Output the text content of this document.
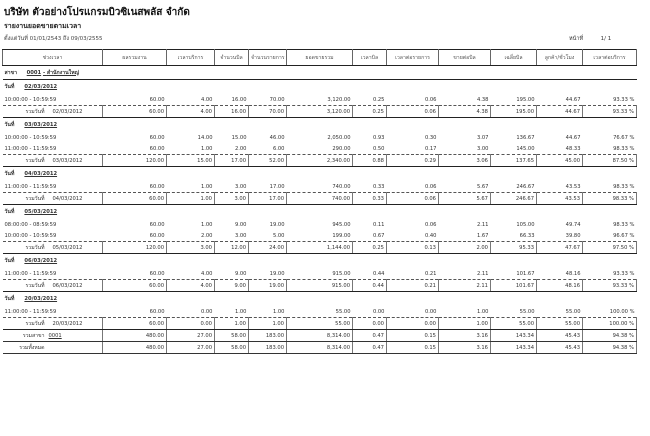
บริษัท ตัวอย่างโปรแกรมบิวซิเนสพลัส จำกัด
รายงานยอดขายตามเวลา
ตั้งแต่วันที่ 01/01/2543 ถึง 09/03/2555	หน้าที่	1/ 1
ช่วงเวลา	ผลรวมงาน	เวลาบริการ	จำนวนบิล	จำนวนรายการ	ยอดขายรวม	เวลาบิล	เวลาต่อรายการ	ขายต่อบิล	เฉลี่ยบิล	ลูกค้า/ชั่วโมง	เวลาต่อบริการ
สาขา 0001 - สำนักงานใหญ่											
วันที่ 02/03/2012											
10:00:00 - 10:59:59	60.00	4.00	16.00	70.00	3,120.00	0.25	0.06	4.38	195.00	44.67	93.33 %
รวมวันที่ 02/03/2012	60.00	4.00	16.00	70.00	3,120.00	0.25	0.06	4.38	195.00	44.67	93.33 %
วันที่ 03/03/2012											
10:00:00 - 10:59:59	60.00	14.00	15.00	46.00	2,050.00	0.93	0.30	3.07	136.67	44.67	76.67 %
11:00:00 - 11:59:59	60.00	1.00	2.00	6.00	290.00	0.50	0.17	3.00	145.00	48.33	98.33 %
รวมวันที่ 03/03/2012	120.00	15.00	17.00	52.00	2,340.00	0.88	0.29	3.06	137.65	45.00	87.50 %
วันที่ 04/03/2012											
11:00:00 - 11:59:59	60.00	1.00	3.00	17.00	740.00	0.33	0.06	5.67	246.67	43.53	98.33 %
รวมวันที่ 04/03/2012	60.00	1.00	3.00	17.00	740.00	0.33	0.06	5.67	246.67	43.53	98.33 %
วันที่ 05/03/2012											
08:00:00 - 08:59:59	60.00	1.00	9.00	19.00	945.00	0.11	0.06	2.11	105.00	49.74	98.33 %
10:00:00 - 10:59:59	60.00	2.00	3.00	5.00	199.00	0.67	0.40	1.67	66.33	39.80	96.67 %
รวมวันที่ 05/03/2012	120.00	3.00	12.00	24.00	1,144.00	0.25	0.13	2.00	95.33	47.67	97.50 %
วันที่ 06/03/2012											
11:00:00 - 11:59:59	60.00	4.00	9.00	19.00	915.00	0.44	0.21	2.11	101.67	48.16	93.33 %
รวมวันที่ 06/03/2012	60.00	4.00	9.00	19.00	915.00	0.44	0.21	2.11	101.67	48.16	93.33 %
วันที่ 20/03/2012											
11:00:00 - 11:59:59	60.00	0.00	1.00	1.00	55.00	0.00	0.00	1.00	55.00	55.00	100.00 %
รวมวันที่ 20/03/2012	60.00	0.00	1.00	1.00	55.00	0.00	0.00	1.00	55.00	55.00	100.00 %
รวมสาขา 0001	480.00	27.00	58.00	183.00	8,314.00	0.47	0.15	3.16	143.34	45.43	94.38 %
รวมทั้งหมด	480.00	27.00	58.00	183.00	8,314.00	0.47	0.15	3.16	143.34	45.43	94.38 %
